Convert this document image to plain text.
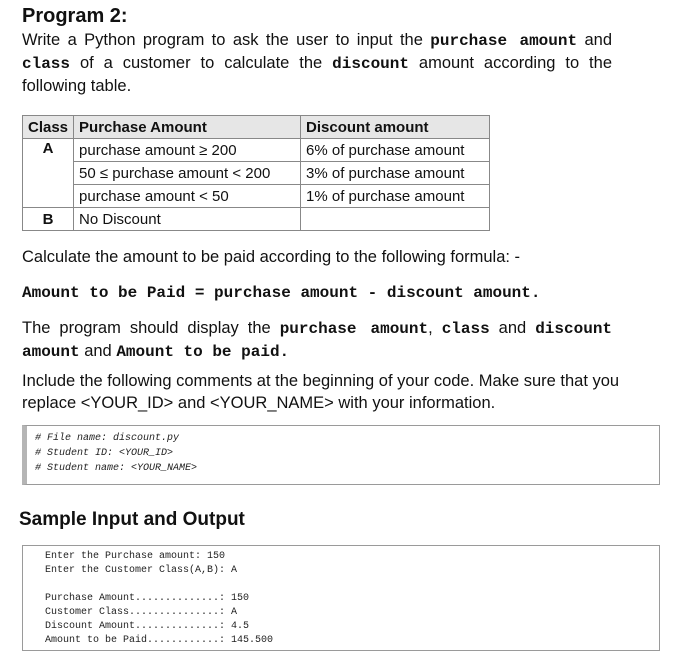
Program 2:
Write a Python program to ask the user to input the purchase amount and class of a customer to calculate the discount amount according to the following table.
Class	Purchase Amount	Discount amount
A	purchase amount ≥ 200	6% of purchase amount
	50 ≤ purchase amount < 200	3% of purchase amount
	purchase amount < 50	1% of purchase amount
B	No Discount	
Calculate the amount to be paid according to the following formula: -
Amount to be Paid = purchase amount - discount amount.
The program should display the purchase amount, class and discount amount and Amount to be paid.
Include the following comments at the beginning of your code. Make sure that you replace <YOUR_ID> and <YOUR_NAME> with your information.
# File name: discount.py
# Student ID: <YOUR_ID>
# Student name: <YOUR_NAME>
Sample Input and Output
Enter the Purchase amount: 150
Enter the Customer Class(A,B): A
Purchase Amount..............: 150
Customer Class...............: A
Discount Amount..............: 4.5
Amount to be Paid............: 145.500
